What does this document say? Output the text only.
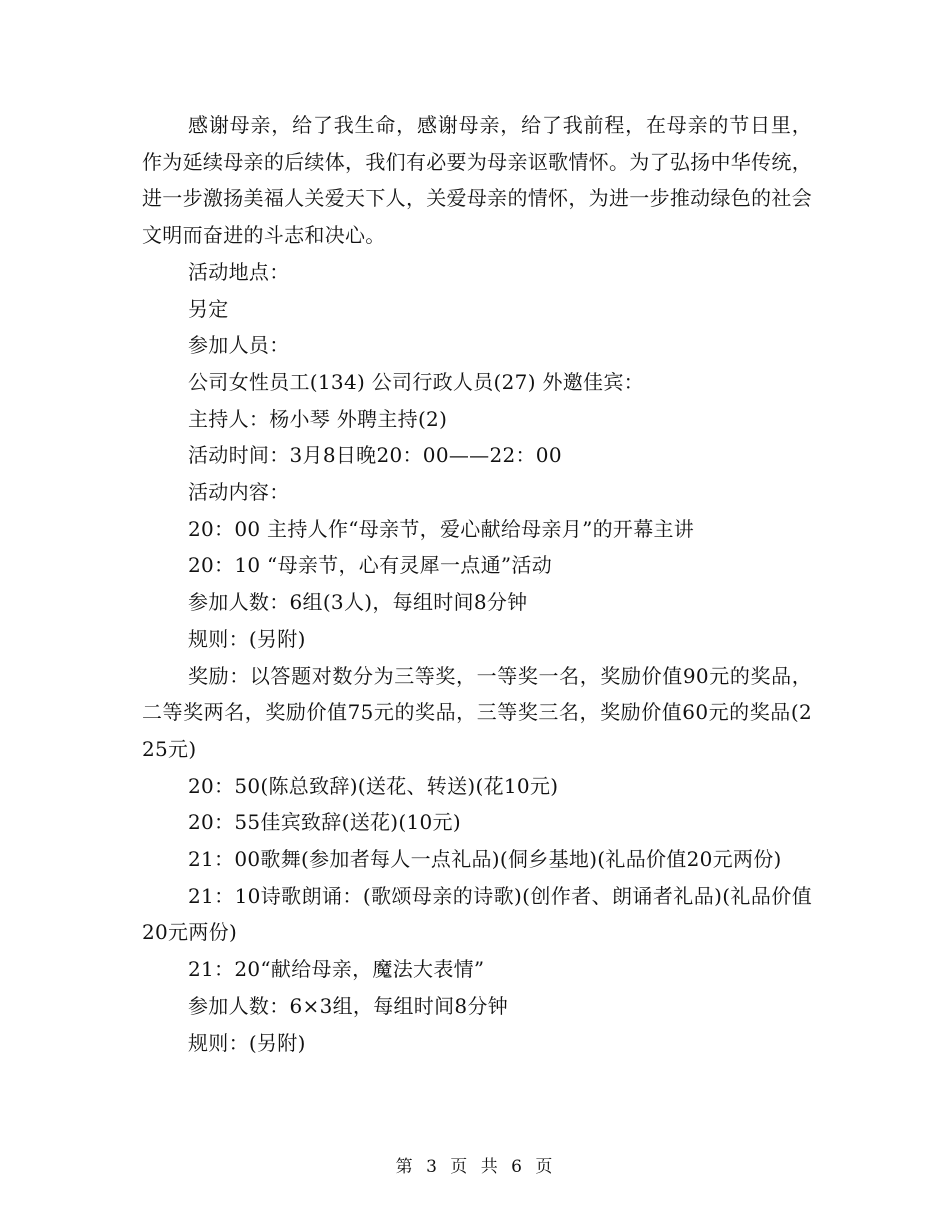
感谢母亲，给了我生命，感谢母亲，给了我前程，在母亲的节日里，作为延续母亲的后续体，我们有必要为母亲讴歌情怀。为了弘扬中华传统，进一步激扬美福人关爱天下人，关爱母亲的情怀，为进一步推动绿色的社会文明而奋进的斗志和决心。

活动地点：

另定

参加人员：

公司女性员工(134) 公司行政人员(27) 外邀佳宾：

主持人：杨小琴 外聘主持(2)

活动时间：3月8日晚20：00——22：00

活动内容：

20：00 主持人作“母亲节，爱心献给母亲月”的开幕主讲

20：10 “母亲节，心有灵犀一点通”活动

参加人数：6组(3人)，每组时间8分钟

规则：(另附)

奖励：以答题对数分为三等奖，一等奖一名，奖励价值90元的奖品，二等奖两名，奖励价值75元的奖品，三等奖三名，奖励价值60元的奖品(225元)

20：50(陈总致辞)(送花、转送)(花10元)

20：55佳宾致辞(送花)(10元)

21：00歌舞(参加者每人一点礼品)(侗乡基地)(礼品价值20元两份)

21：10诗歌朗诵：(歌颂母亲的诗歌)(创作者、朗诵者礼品)(礼品价值20元两份)

21：20“献给母亲，魔法大表情”

参加人数：6×3组，每组时间8分钟

规则：(另附)

第 3 页 共 6 页
